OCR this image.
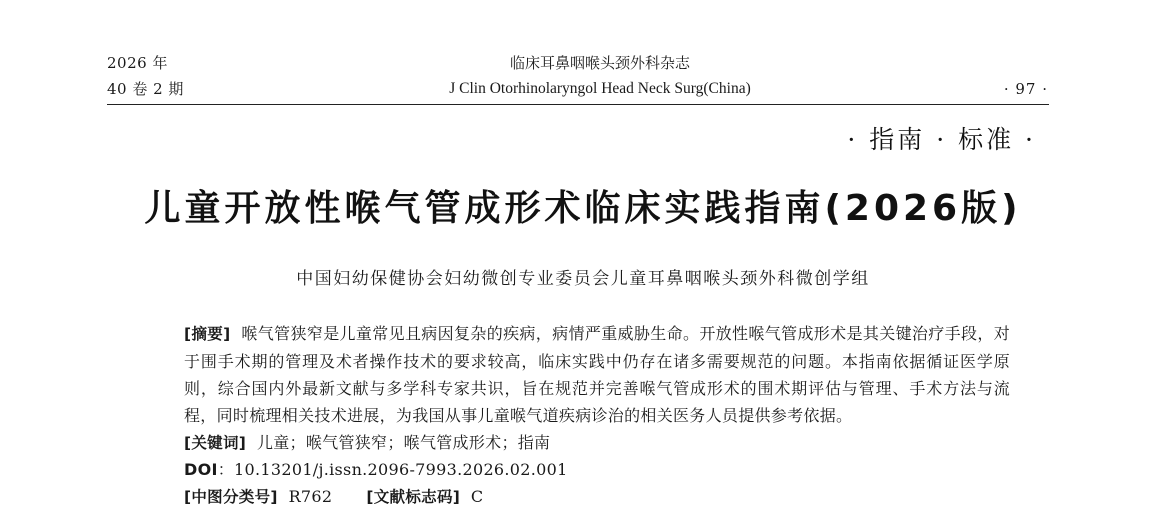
2026 年
40 卷 2 期
临床耳鼻咽喉头颈外科杂志
J Clin Otorhinolaryngol Head Neck Surg(China)	· 97 ·
· 指南 · 标准 ·
儿童开放性喉气管成形术临床实践指南(2026版)
中国妇幼保健协会妇幼微创专业委员会儿童耳鼻咽喉头颈外科微创学组
[摘要] 喉气管狭窄是儿童常见且病因复杂的疾病，病情严重威胁生命。开放性喉气管成形术是其关键治疗手段，对于围手术期的管理及术者操作技术的要求较高，临床实践中仍存在诸多需要规范的问题。本指南依据循证医学原则，综合国内外最新文献与多学科专家共识，旨在规范并完善喉气管成形术的围术期评估与管理、手术方法与流程，同时梳理相关技术进展，为我国从事儿童喉气道疾病诊治的相关医务人员提供参考依据。
[关键词] 儿童；喉气管狭窄；喉气管成形术；指南
DOI：10.13201/j.issn.2096-7993.2026.02.001
[中图分类号] R762 [文献标志码] C
